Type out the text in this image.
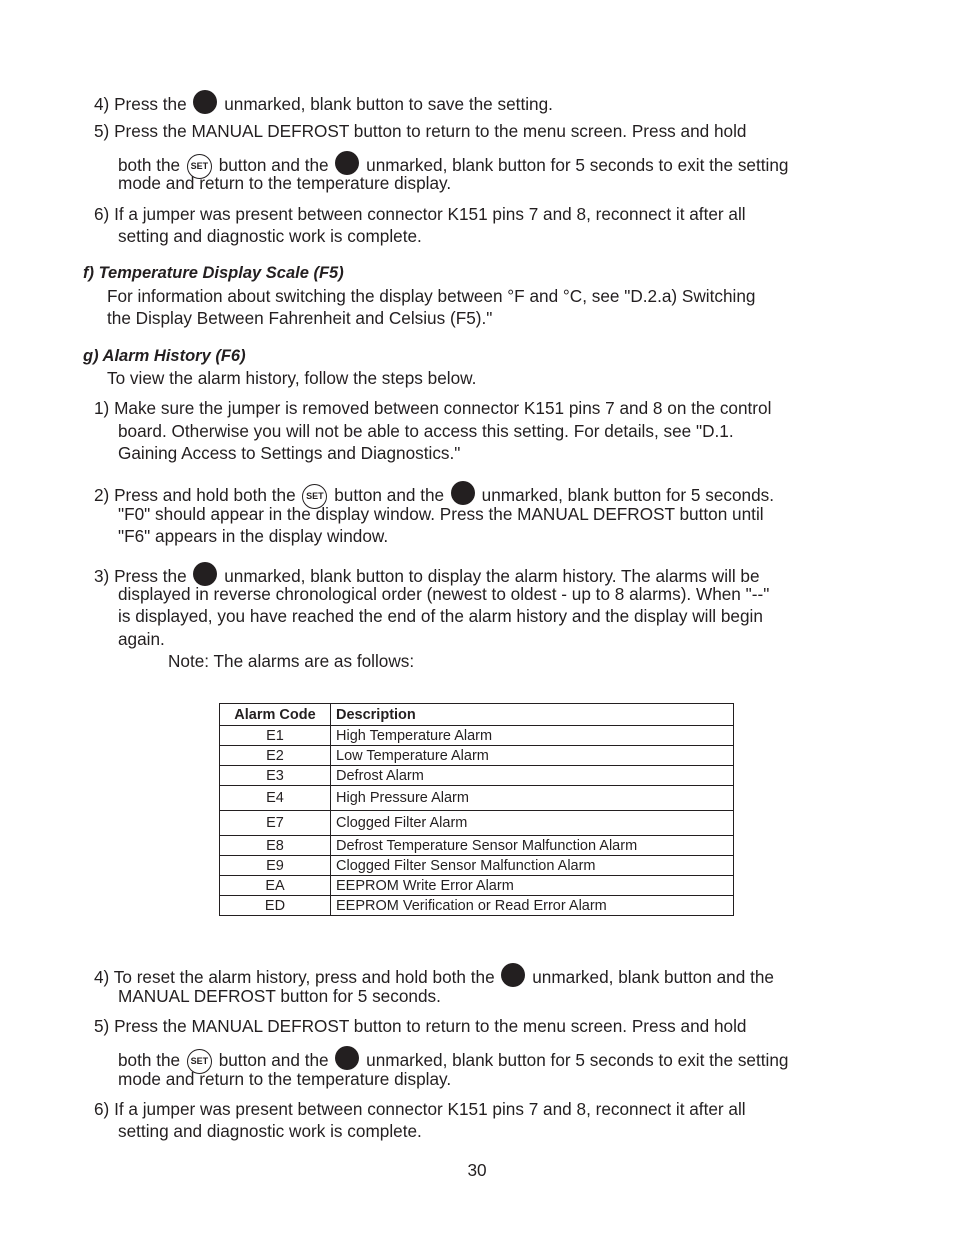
4) Press the unmarked, blank button to save the setting.
5) Press the MANUAL DEFROST button to return to the menu screen. Press and hold
both the SET button and the unmarked, blank button for 5 seconds to exit the setting
mode and return to the temperature display.
6) If a jumper was present between connector K151 pins 7 and 8, reconnect it after all
setting and diagnostic work is complete.
f) Temperature Display Scale (F5)
For information about switching the display between °F and °C, see "D.2.a) Switching
the Display Between Fahrenheit and Celsius (F5)."
g) Alarm History (F6)
To view the alarm history, follow the steps below.
1) Make sure the jumper is removed between connector K151 pins 7 and 8 on the control
board. Otherwise you will not be able to access this setting. For details, see "D.1.
Gaining Access to Settings and Diagnostics."
2) Press and hold both the SET button and the unmarked, blank button for 5 seconds.
"F0" should appear in the display window. Press the MANUAL DEFROST button until
"F6" appears in the display window.
3) Press the unmarked, blank button to display the alarm history. The alarms will be
displayed in reverse chronological order (newest to oldest - up to 8 alarms). When "--"
is displayed, you have reached the end of the alarm history and the display will begin
again.
Note: The alarms are as follows:
Alarm Code	Description
E1	High Temperature Alarm
E2	Low Temperature Alarm
E3	Defrost Alarm
E4	High Pressure Alarm
E7	Clogged Filter Alarm
E8	Defrost Temperature Sensor Malfunction Alarm
E9	Clogged Filter Sensor Malfunction Alarm
EA	EEPROM Write Error Alarm
ED	EEPROM Verification or Read Error Alarm
4) To reset the alarm history, press and hold both the unmarked, blank button and the
MANUAL DEFROST button for 5 seconds.
5) Press the MANUAL DEFROST button to return to the menu screen. Press and hold
both the SET button and the unmarked, blank button for 5 seconds to exit the setting
mode and return to the temperature display.
6) If a jumper was present between connector K151 pins 7 and 8, reconnect it after all
setting and diagnostic work is complete.
30
